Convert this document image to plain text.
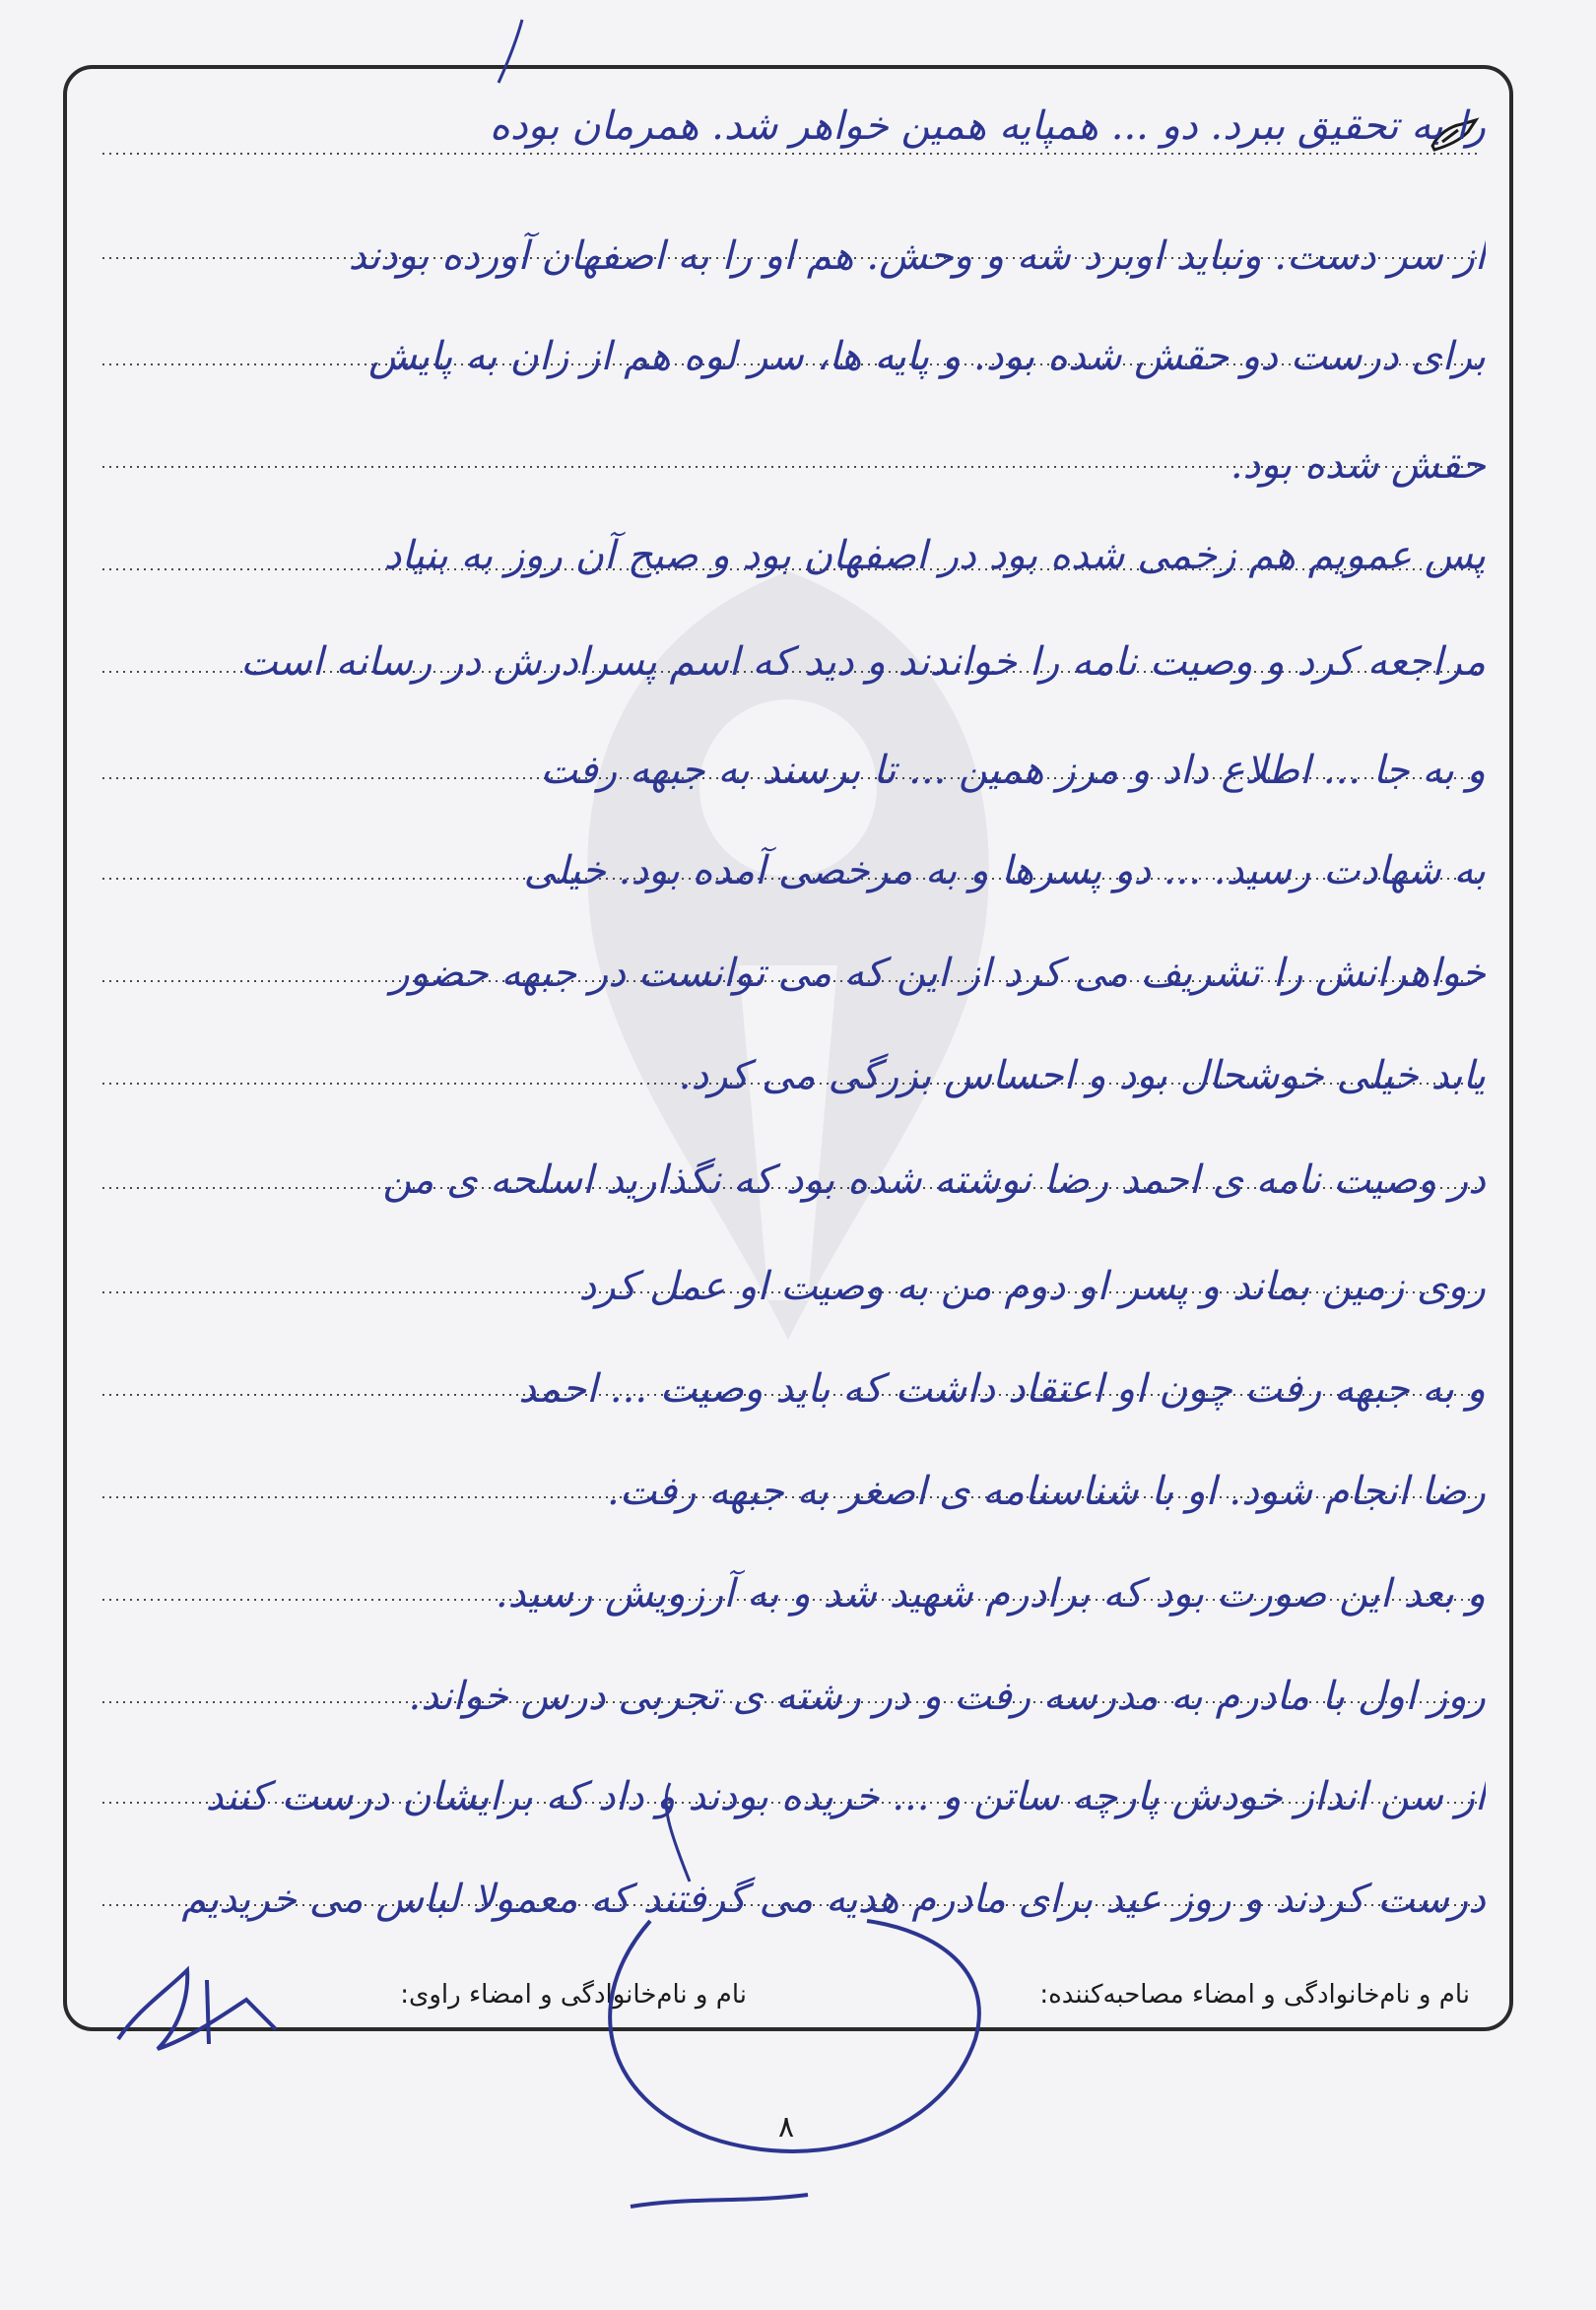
را به تحقیق ببرد. دو ... همپایه همین خواهر شد. همرمان بوده
از سر دست. ونباید اوبرد شه و وحش. هم او را به اصفهان آورده بودند
برای درست دو حقش شده بود. و پایه ها، سر لوه هم از زان به پایش
حقش شده بود.
پس عمویم هم زخمی شده بود در اصفهان بود و صبح آن روز به بنیاد
مراجعه کرد و وصیت نامه را خواندند و دید که اسم پسرادرش در رسانه است
و به جا ... اطلاع داد و مرز همین ... تا برسند به جبهه رفت
به شهادت رسید. ... دو پسرها و به مرخصی آمده بود. خیلی
خواهرانش را تشریف می کرد از این که می توانست در جبهه حضور
یابد خیلی خوشحال بود و احساس بزرگی می کرد.
در وصیت نامه ی احمد رضا نوشته شده بود که نگذارید اسلحه ی من
روی زمین بماند و پسر او دوم من به وصیت او عمل کرد
و به جبهه رفت چون او اعتقاد داشت که باید وصیت ... احمد
رضا انجام شود. او با شناسنامه ی اصغر به جبهه رفت.
و بعد این صورت بود که برادرم شهید شد و به آرزویش رسید.
روز اول با مادرم به مدرسه رفت و در رشته ی تجربی درس خواند.
از سن انداز خودش پارچه ساتن و ... خریده بودند و داد که برایشان درست کنند
درست کردند و روز عید برای مادرم هدیه می گرفتند که معمولا لباس می خریدیم
نام و نام‌خانوادگی و امضاء مصاحبه‌کننده:
نام و نام‌خانوادگی و امضاء راوی:
۸
